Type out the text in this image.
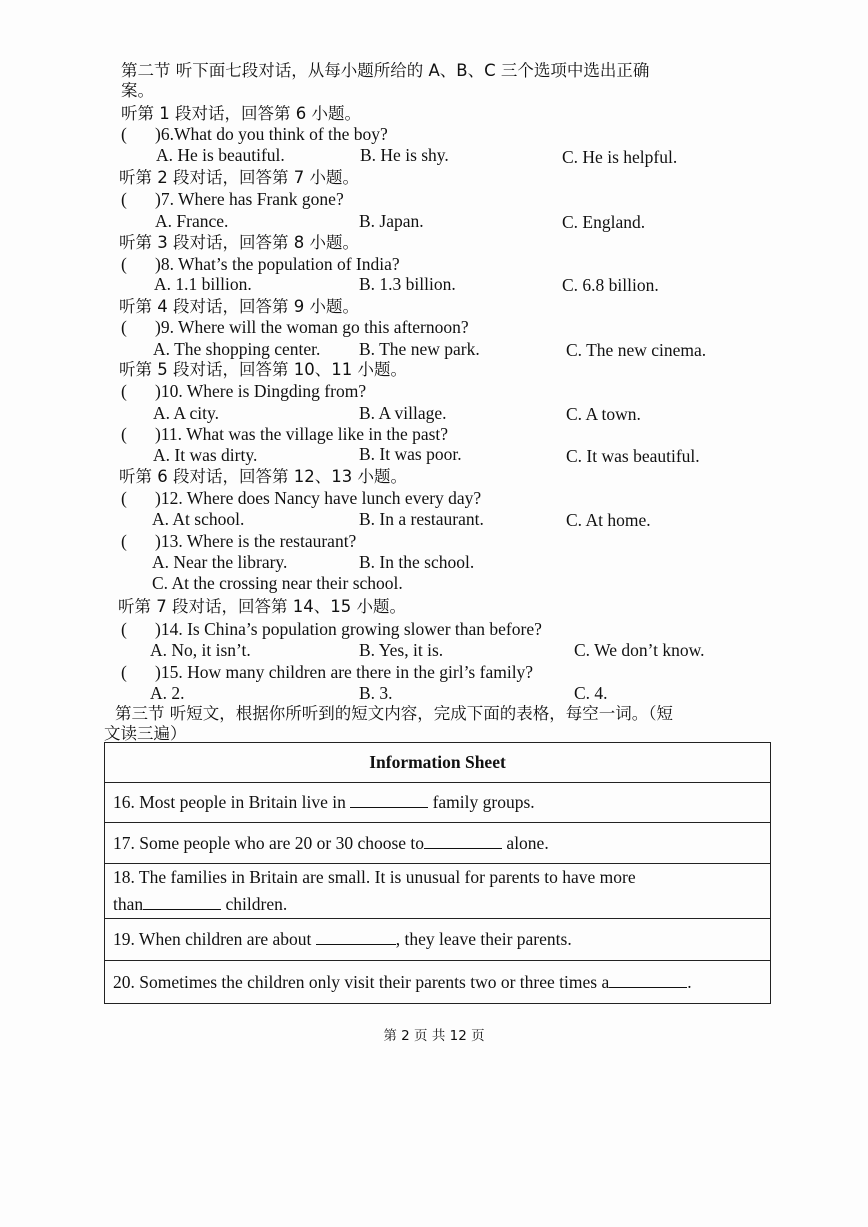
第二节 听下面七段对话，从每小题所给的 A、B、C 三个选项中选出正确
案。
听第 1 段对话，回答第 6 小题。
( )6.What do you think of the boy?
A. He is beautiful.	B. He is shy.	C. He is helpful.
听第 2 段对话，回答第 7 小题。
( )7. Where has Frank gone?
A. France.	B. Japan.	C. England.
听第 3 段对话，回答第 8 小题。
( )8. What’s the population of India?
A. 1.1 billion.	B. 1.3 billion.	C. 6.8 billion.
听第 4 段对话，回答第 9 小题。
( )9. Where will the woman go this afternoon?
A. The shopping center. B. The new park.	C. The new cinema.
听第 5 段对话，回答第 10、11 小题。
( )10. Where is Dingding from?
A. A city.	B. A village.	C. A town.
( )11. What was the village like in the past?
A. It was dirty.	B. It was poor.	C. It was beautiful.
听第 6 段对话，回答第 12、13 小题。
( )12. Where does Nancy have lunch every day?
A. At school.	B. In a restaurant.	C. At home.
( )13. Where is the restaurant?
A. Near the library.	B. In the school.
C. At the crossing near their school.
听第 7 段对话，回答第 14、15 小题。
( )14. Is China’s population growing slower than before?
A. No, it isn’t.	B. Yes, it is.	C. We don’t know.
( )15. How many children are there in the girl’s family?
A. 2.	B. 3.	C. 4.
第三节 听短文，根据你所听到的短文内容，完成下面的表格，每空一词。（短
文读三遍）
Information Sheet
16. Most people in Britain live in	family groups.
17. Some people who are 20 or 30 choose to	alone.

18. The families in Britain are small. It is unusual for parents to have more
than	children.

19. When children are about	, they leave their parents.
20. Sometimes the children only visit their parents two or three times a	.
第 2 页 共 12 页
